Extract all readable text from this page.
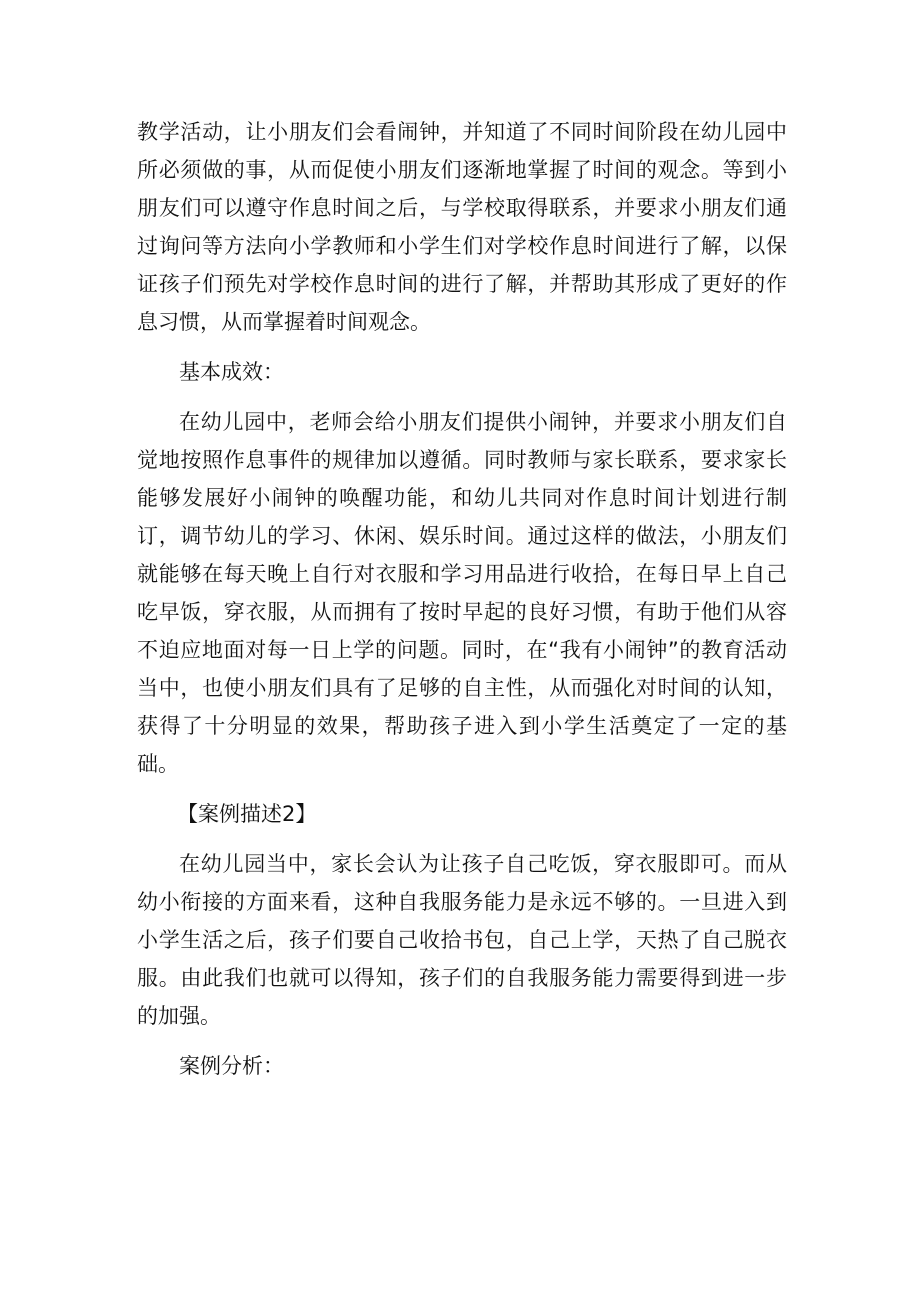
教学活动，让小朋友们会看闹钟，并知道了不同时间阶段在幼儿园中所必须做的事，从而促使小朋友们逐渐地掌握了时间的观念。等到小朋友们可以遵守作息时间之后，与学校取得联系，并要求小朋友们通过询问等方法向小学教师和小学生们对学校作息时间进行了解，以保证孩子们预先对学校作息时间的进行了解，并帮助其形成了更好的作息习惯，从而掌握着时间观念。

基本成效：

在幼儿园中，老师会给小朋友们提供小闹钟，并要求小朋友们自觉地按照作息事件的规律加以遵循。同时教师与家长联系，要求家长能够发展好小闹钟的唤醒功能，和幼儿共同对作息时间计划进行制订，调节幼儿的学习、休闲、娱乐时间。通过这样的做法，小朋友们就能够在每天晚上自行对衣服和学习用品进行收拾，在每日早上自己吃早饭，穿衣服，从而拥有了按时早起的良好习惯，有助于他们从容不迫应地面对每一日上学的问题。同时，在“我有小闹钟”的教育活动当中，也使小朋友们具有了足够的自主性，从而强化对时间的认知，获得了十分明显的效果，帮助孩子进入到小学生活奠定了一定的基础。

【案例描述2】

在幼儿园当中，家长会认为让孩子自己吃饭，穿衣服即可。而从幼小衔接的方面来看，这种自我服务能力是永远不够的。一旦进入到小学生活之后，孩子们要自己收拾书包，自己上学，天热了自己脱衣服。由此我们也就可以得知，孩子们的自我服务能力需要得到进一步的加强。

案例分析：
